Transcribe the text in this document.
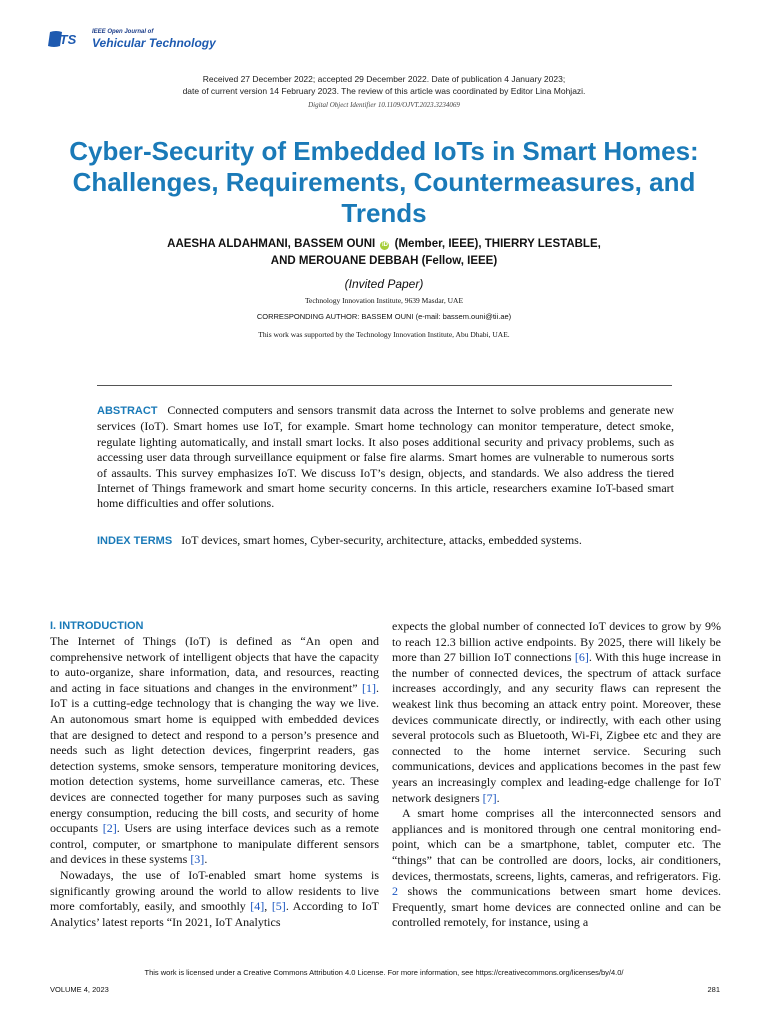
VTS	IEEE Open Journal of
Vehicular Technology
Received 27 December 2022; accepted 29 December 2022. Date of publication 4 January 2023;
date of current version 14 February 2023. The review of this article was coordinated by Editor Lina Mohjazi.
Digital Object Identifier 10.1109/OJVT.2023.3234069
Cyber-Security of Embedded IoTs in Smart Homes: Challenges, Requirements, Countermeasures, and Trends
AAESHA ALDAHMANI, BASSEM OUNI iD (Member, IEEE), THIERRY LESTABLE,
AND MEROUANE DEBBAH (Fellow, IEEE)
(Invited Paper)
Technology Innovation Institute, 9639 Masdar, UAE
CORRESPONDING AUTHOR: BASSEM OUNI (e-mail: bassem.ouni@tii.ae)
This work was supported by the Technology Innovation Institute, Abu Dhabi, UAE.
ABSTRACT Connected computers and sensors transmit data across the Internet to solve problems and generate new services (IoT). Smart homes use IoT, for example. Smart home technology can monitor temperature, detect smoke, regulate lighting automatically, and install smart locks. It also poses additional security and privacy problems, such as accessing user data through surveillance equipment or false fire alarms. Smart homes are vulnerable to numerous sorts of assaults. This survey emphasizes IoT. We discuss IoT’s design, objects, and standards. We also address the tiered Internet of Things framework and smart home security concerns. In this article, researchers examine IoT-based smart home difficulties and offer solutions.
INDEX TERMS IoT devices, smart homes, Cyber-security, architecture, attacks, embedded systems.
I. INTRODUCTION

The Internet of Things (IoT) is defined as “An open and comprehensive network of intelligent objects that have the capacity to auto-organize, share information, data, and resources, reacting and acting in face situations and changes in the environment” [1]. IoT is a cutting-edge technology that is changing the way we live. An autonomous smart home is equipped with embedded devices that are designed to detect and respond to a person’s presence and needs such as light detection devices, fingerprint readers, gas detection systems, smoke sensors, temperature monitoring devices, motion detection systems, home surveillance cameras, etc. These devices are connected together for many purposes such as saving energy consumption, reducing the bill costs, and security of home occupants [2]. Users are using interface devices such as a remote control, computer, or smartphone to manipulate different sensors and devices in these systems [3].

Nowadays, the use of IoT-enabled smart home systems is significantly growing around the world to allow residents to live more comfortably, easily, and smoothly [4], [5]. According to IoT Analytics’ latest reports “In 2021, IoT Analytics

expects the global number of connected IoT devices to grow by 9% to reach 12.3 billion active endpoints. By 2025, there will likely be more than 27 billion IoT connections [6]. With this huge increase in the number of connected devices, the spectrum of attack surface increases accordingly, and any security flaws can represent the weakest link thus becoming an attack entry point. Moreover, these devices communicate directly, or indirectly, with each other using several protocols such as Bluetooth, Wi-Fi, Zigbee etc and they are connected to the home internet service. Securing such communications, devices and applications becomes in the past few years an increasingly complex and leading-edge challenge for IoT network designers [7].

A smart home comprises all the interconnected sensors and appliances and is monitored through one central monitoring end-point, which can be a smartphone, tablet, computer etc. The “things” that can be controlled are doors, locks, air conditioners, devices, thermostats, screens, lights, cameras, and refrigerators. Fig. 2 shows the communications between smart home devices. Frequently, smart home devices are connected online and can be controlled remotely, for instance, using a

This work is licensed under a Creative Commons Attribution 4.0 License. For more information, see https://creativecommons.org/licenses/by/4.0/
VOLUME 4, 2023	281
